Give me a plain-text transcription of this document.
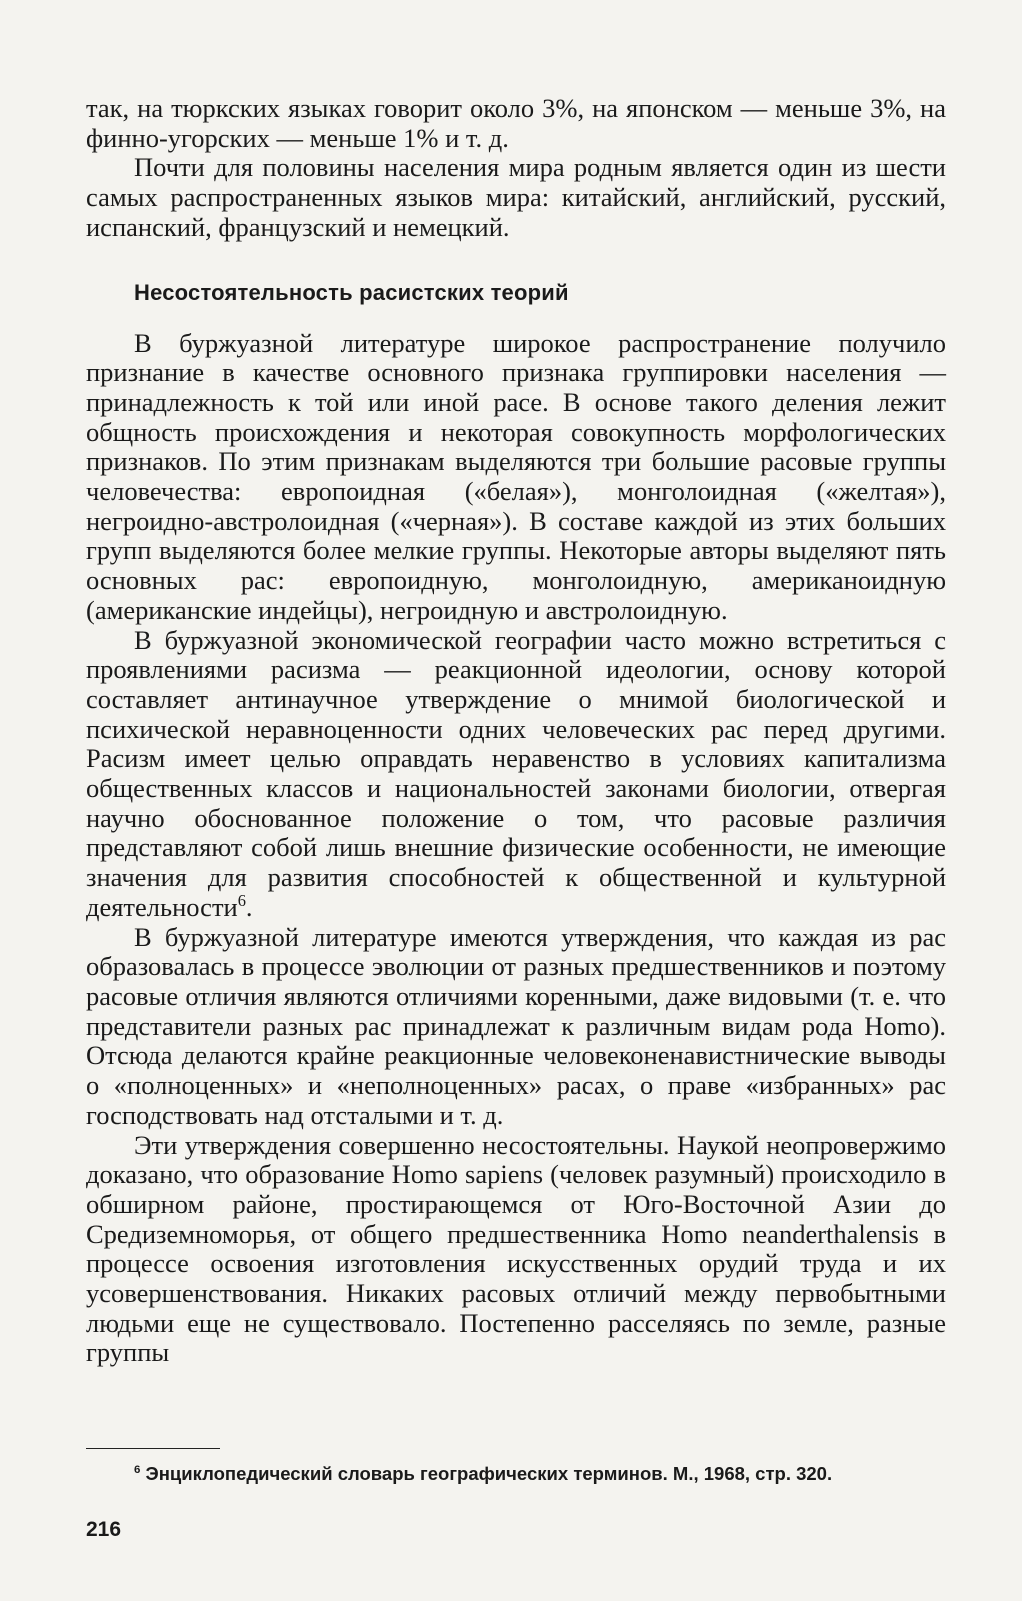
так, на тюркских языках говорит около 3%, на японском — меньше 3%, на финно-угорских — меньше 1% и т. д.

Почти для половины населения мира родным является один из шести самых распространенных языков мира: китайский, английский, русский, испанский, французский и немецкий.

Несостоятельность расистских теорий

В буржуазной литературе широкое распространение получило признание в качестве основного признака группировки населения — принадлежность к той или иной расе. В основе такого деления лежит общность происхождения и некоторая совокупность морфологических признаков. По этим признакам выделяются три большие расовые группы человечества: европоидная («белая»), монголоидная («желтая»), негроидно-австролоидная («черная»). В составе каждой из этих больших групп выделяются более мелкие группы. Некоторые авторы выделяют пять основных рас: европоидную, монголоидную, американоидную (американские индейцы), негроидную и австролоидную.

В буржуазной экономической географии часто можно встретиться с проявлениями расизма — реакционной идеологии, основу которой составляет антинаучное утверждение о мнимой биологической и психической неравноценности одних человеческих рас перед другими. Расизм имеет целью оправдать неравенство в условиях капитализма общественных классов и национальностей законами биологии, отвергая научно обоснованное положение о том, что расовые различия представляют собой лишь внешние физические особенности, не имеющие значения для развития способностей к общественной и культурной деятельности$^6$.

В буржуазной литературе имеются утверждения, что каждая из рас образовалась в процессе эволюции от разных предшественников и поэтому расовые отличия являются отличиями коренными, даже видовыми (т. е. что представители разных рас принадлежат к различным видам рода Homo). Отсюда делаются крайне реакционные человеконенавистнические выводы о «полноценных» и «неполноценных» расах, о праве «избранных» рас господствовать над отсталыми и т. д.

Эти утверждения совершенно несостоятельны. Наукой неопровержимо доказано, что образование Homo sapiens (человек разумный) происходило в обширном районе, простирающемся от Юго-Восточной Азии до Средиземноморья, от общего предшественника Homo neanderthalensis в процессе освоения изготовления искусственных орудий труда и их усовершенствования. Никаких расовых отличий между первобытными людьми еще не существовало. Постепенно расселяясь по земле, разные группы

$^6$ Энциклопедический словарь географических терминов. М., 1968, стр. 320.
216
